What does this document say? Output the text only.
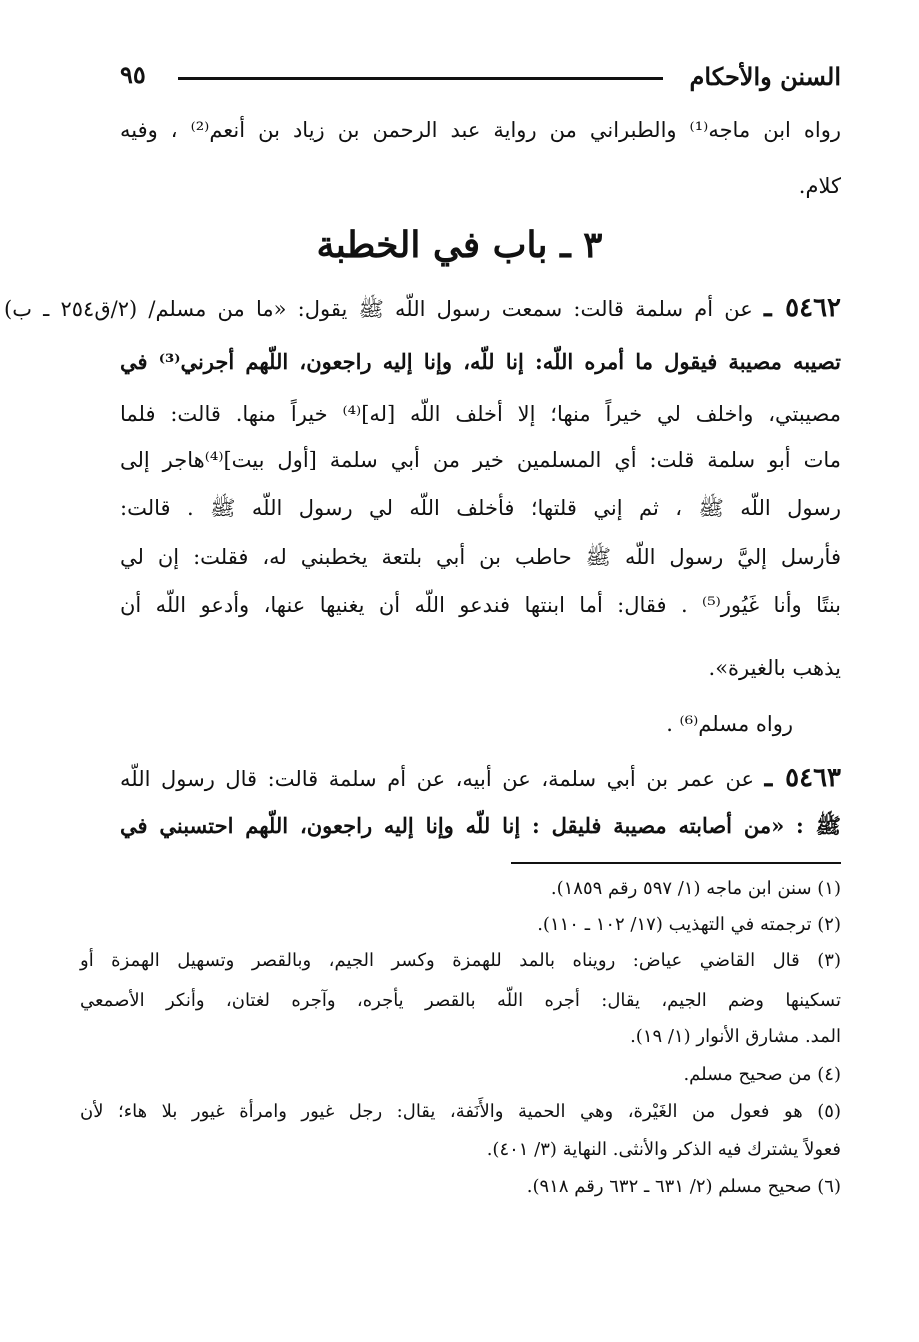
السنن والأحكام
٩٥
رواه ابن ماجه⁽¹⁾ والطبراني من رواية عبد الرحمن بن زياد بن أنعم⁽²⁾ ، وفيه
كلام.
٣ ـ باب في الخطبة
٥٤٦٢ ـ عن أم سلمة قالت: سمعت رسول اللّه ﷺ يقول: «ما من مسلم/ (٢/ق٢٥٤ ـ ب)
تصيبه مصيبة فيقول ما أمره اللّه: إنا للّه، وإنا إليه راجعون، اللّهم أجرني⁽³⁾ في
مصيبتي، واخلف لي خيراً منها؛ إلا أخلف اللّه [له]⁽⁴⁾ خيراً منها. قالت: فلما
مات أبو سلمة قلت: أي المسلمين خير من أبي سلمة [أول بيت]⁽⁴⁾هاجر إلى
رسول اللّه ﷺ ، ثم إني قلتها؛ فأخلف اللّه لي رسول اللّه ﷺ . قالت:
فأرسل إليَّ رسول اللّه ﷺ حاطب بن أبي بلتعة يخطبني له، فقلت: إن لي
بنتًا وأنا غَيُور⁽⁵⁾ . فقال: أما ابنتها فندعو اللّه أن يغنيها عنها، وأدعو اللّه أن
يذهب بالغيرة».
رواه مسلم⁽⁶⁾ .
٥٤٦٣ ـ عن عمر بن أبي سلمة، عن أبيه، عن أم سلمة قالت: قال رسول اللّه
ﷺ : «من أصابته مصيبة فليقل : إنا للّه وإنا إليه راجعون، اللّهم احتسبني في
(١) سنن ابن ماجه (١/ ٥٩٧ رقم ١٨٥٩).
(٢) ترجمته في التهذيب (١٧/ ١٠٢ ـ ١١٠).
(٣) قال القاضي عياض: رويناه بالمد للهمزة وكسر الجيم، وبالقصر وتسهيل الهمزة أو
تسكينها وضم الجيم، يقال: أجره اللّه بالقصر يأجره، وآجره لغتان، وأنكر الأصمعي
المد. مشارق الأنوار (١/ ١٩).
(٤) من صحيح مسلم.
(٥) هو فعول من الغَيْرة، وهي الحمية والأَنَفة، يقال: رجل غيور وامرأة غيور بلا هاء؛ لأن
فعولاً يشترك فيه الذكر والأنثى. النهاية (٣/ ٤٠١).
(٦) صحيح مسلم (٢/ ٦٣١ ـ ٦٣٢ رقم ٩١٨).
